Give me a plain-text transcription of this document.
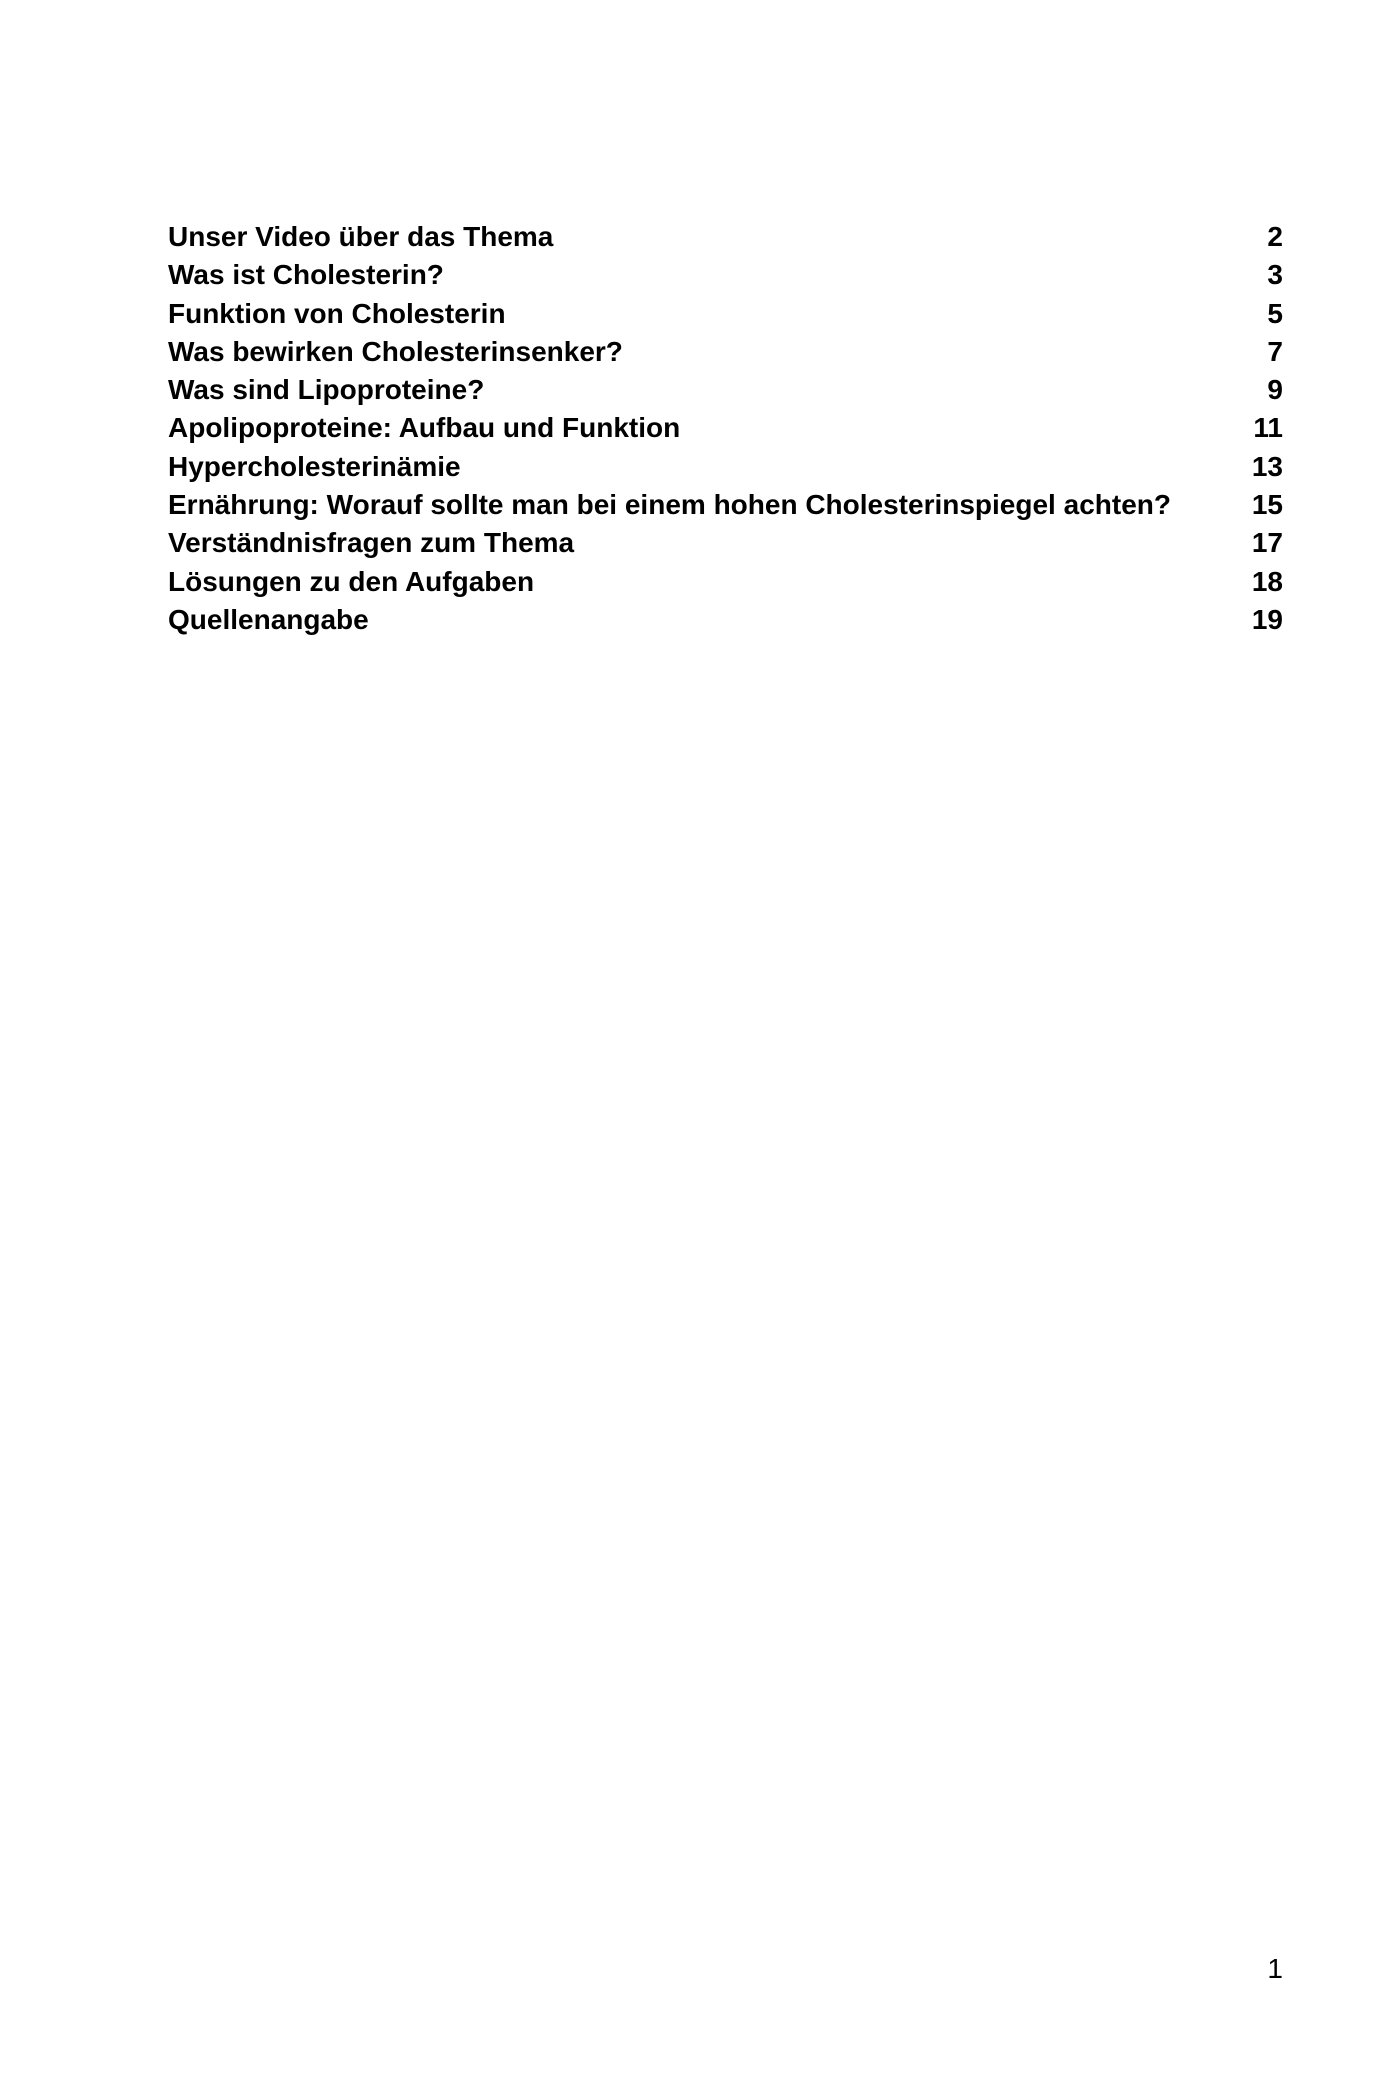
Unser Video über das Thema	2
Was ist Cholesterin?	3
Funktion von Cholesterin	5
Was bewirken Cholesterinsenker?	7
Was sind Lipoproteine?	9
Apolipoproteine: Aufbau und Funktion	11
Hypercholesterinämie	13
Ernährung: Worauf sollte man bei einem hohen Cholesterinspiegel achten?	15
Verständnisfragen zum Thema	17
Lösungen zu den Aufgaben	18
Quellenangabe	19
1
